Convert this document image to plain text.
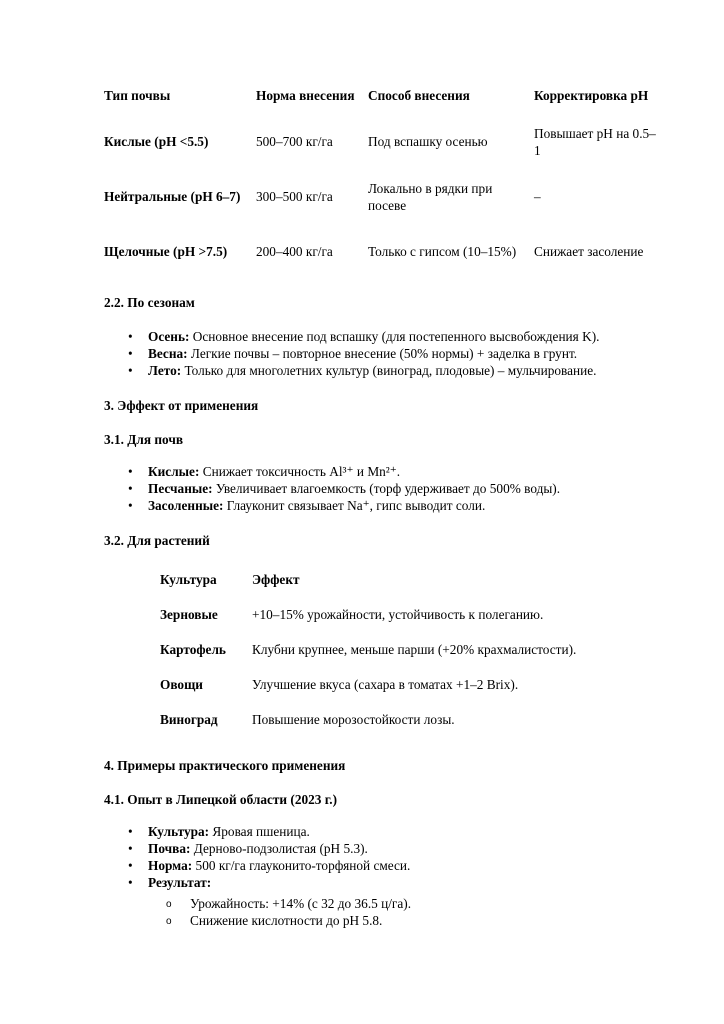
Тип почвы	Норма внесения	Способ внесения	Корректировка pH
Кислые (pH <5.5)	500–700 кг/га	Под вспашку осенью	Повышает pH на 0.5–1
Нейтральные (pH 6–7)	300–500 кг/га	Локально в рядки при посеве	–
Щелочные (pH >7.5)	200–400 кг/га	Только с гипсом (10–15%)	Снижает засоление
2.2. По сезонам
• Осень: Основное внесение под вспашку (для постепенного высвобождения K).
• Весна: Легкие почвы – повторное внесение (50% нормы) + заделка в грунт.
• Лето: Только для многолетних культур (виноград, плодовые) – мульчирование.
3. Эффект от применения
3.1. Для почв
• Кислые: Снижает токсичность Al³⁺ и Mn²⁺.
• Песчаные: Увеличивает влагоемкость (торф удерживает до 500% воды).
• Засоленные: Глауконит связывает Na⁺, гипс выводит соли.
3.2. Для растений
Культура	Эффект
Зерновые	+10–15% урожайности, устойчивость к полеганию.
Картофель	Клубни крупнее, меньше парши (+20% крахмалистости).
Овощи	Улучшение вкуса (сахара в томатах +1–2 Brix).
Виноград	Повышение морозостойкости лозы.
4. Примеры практического применения
4.1. Опыт в Липецкой области (2023 г.)
• Культура: Яровая пшеница.
• Почва: Дерново-подзолистая (pH 5.3).
• Норма: 500 кг/га глауконито-торфяной смеси.
• Результат:
o Урожайность: +14% (с 32 до 36.5 ц/га).
o Снижение кислотности до pH 5.8.
